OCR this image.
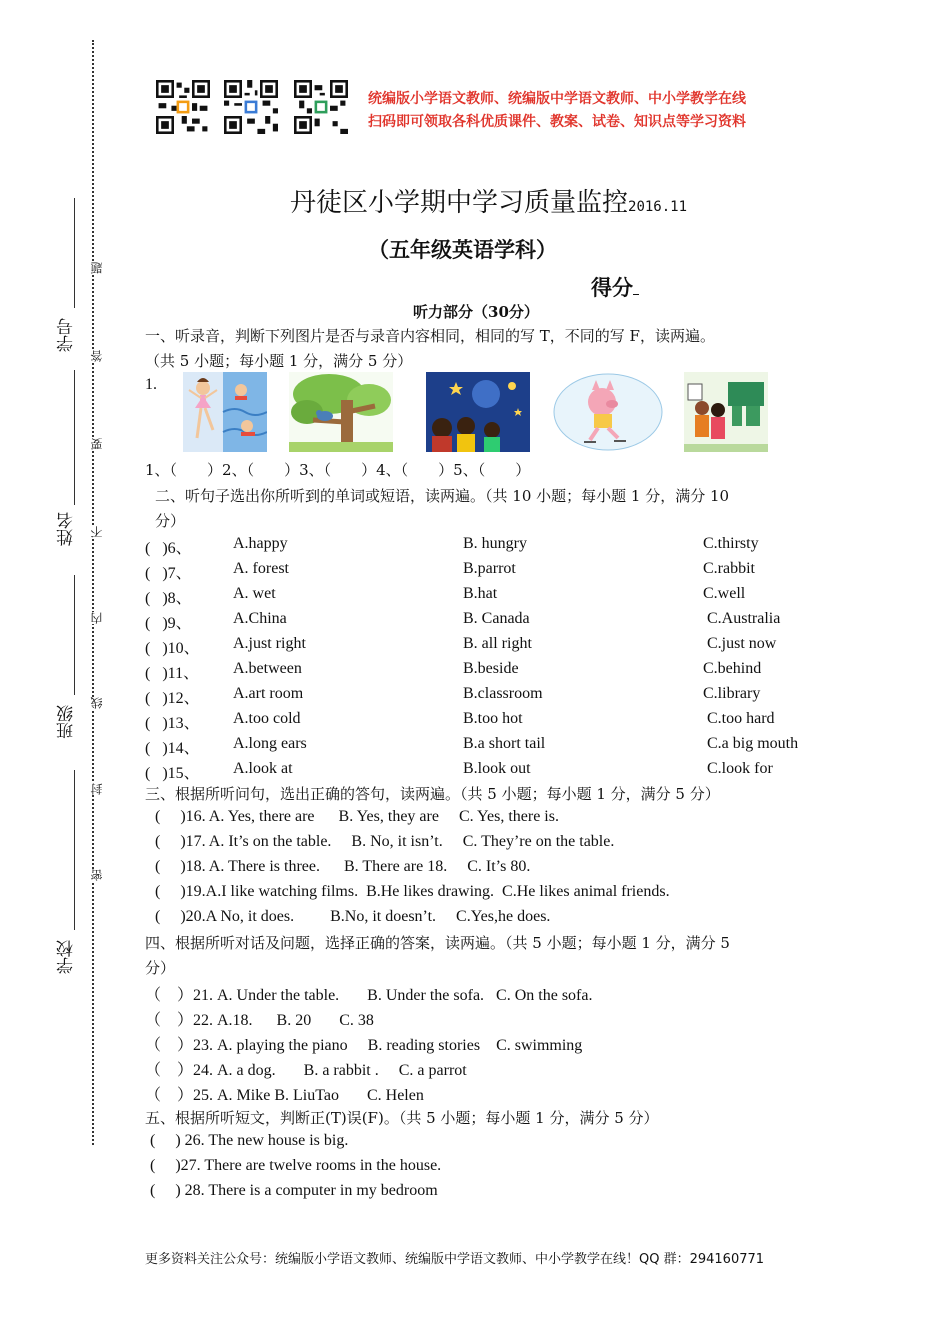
学校
班级
姓名
学号
题
答
要
不
内
线
封
密
统编版小学语文教师、统编版中学语文教师、中小学教学在线
扫码即可领取各科优质课件、教案、试卷、知识点等学习资料
丹徒区小学期中学习质量监控2016.11
（五年级英语学科）
得分
听力部分（30分）
一、听录音，判断下列图片是否与录音内容相同，相同的写 T，不同的写 F，读两遍。
（共 5 小题；每小题 1 分，满分 5 分）
1.
1、（　　）2、（　　）3、（　　）4、（　　）5、（　　）
二、听句子选出你所听到的单词或短语，读两遍。（共 10 小题；每小题 1 分，满分 10
分）
(   )6、	A.happy	B. hungry	C.thirsty
(   )7、	A. forest	B.parrot	C.rabbit
(   )8、	A. wet	B.hat	C.well
(   )9、	A.China	B. Canada	C.Australia
(   )10、 A.just right	B. all right	C.just now
(   )11、 A.between	B.beside	C.behind
(   )12、 A.art room	B.classroom	C.library
(   )13、 A.too cold	B.too hot	C.too hard
(   )14、 A.long ears	B.a short tail	C.a big mouth
(   )15、 A.look at	B.look out	C.look for
三、根据所听问句，选出正确的答句，读两遍。（共 5 小题；每小题 1 分，满分 5 分）
(     )16. A. Yes, there are      B. Yes, they are     C. Yes, there is.
(     )17. A. It’s on the table.     B. No, it isn’t.     C. They’re on the table.
(     )18. A. There is three.      B. There are 18.     C. It’s 80.
(     )19.A.I like watching films.  B.He likes drawing.  C.He likes animal friends.
(     )20.A No, it does.         B.No, it doesn’t.     C.Yes,he does.
四、根据所听对话及问题，选择正确的答案，读两遍。（共 5 小题；每小题 1 分，满分 5
分）
（    ）21. A. Under the table.       B. Under the sofa.   C. On the sofa.
（    ）22. A.18.      B. 20       C. 38
（    ）23. A. playing the piano     B. reading stories    C. swimming
（    ）24. A. a dog.       B. a rabbit .     C. a parrot
（    ）25. A. Mike B. LiuTao       C. Helen
五、根据所听短文，判断正(T)误(F)。（共 5 小题；每小题 1 分，满分 5 分）
(     ) 26. The new house is big.
(     )27. There are twelve rooms in the house.
(     ) 28. There is a computer in my bedroom
更多资料关注公众号：统编版小学语文教师、统编版中学语文教师、中小学教学在线！QQ 群：294160771
